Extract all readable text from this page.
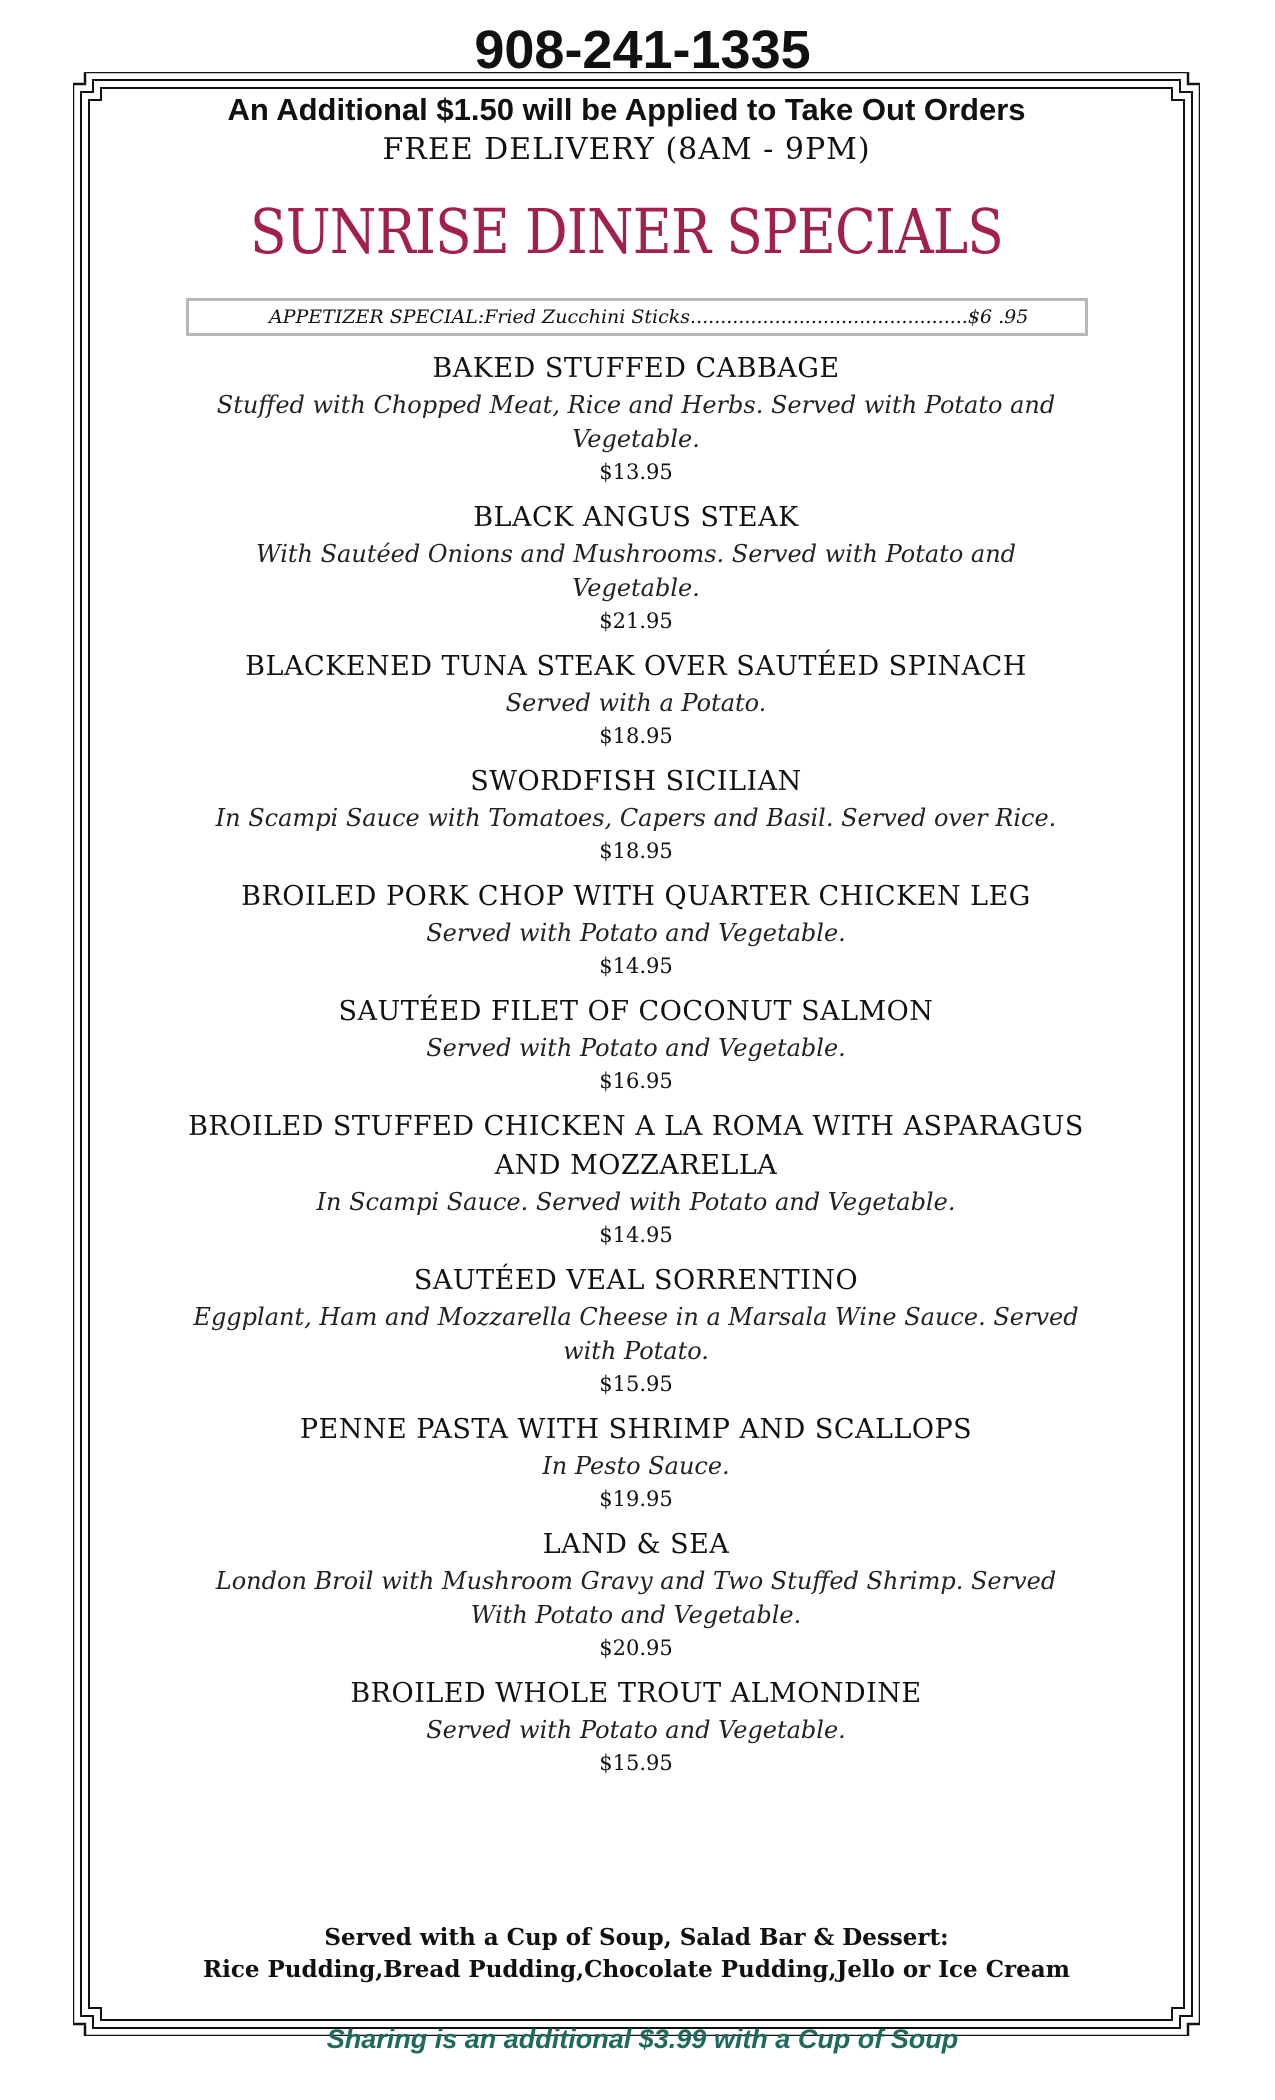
908-241-1335
An Additional $1.50 will be Applied to Take Out Orders
FREE DELIVERY (8AM - 9PM)
SUNRISE DINER SPECIALS
APPETIZER SPECIAL:Fried Zucchini Sticks..............................................$6 .95
BAKED STUFFED CABBAGE
Stuffed with Chopped Meat, Rice and Herbs. Served with Potato and
Vegetable.
$13.95
BLACK ANGUS STEAK
With Sautéed Onions and Mushrooms. Served with Potato and
Vegetable.
$21.95
BLACKENED TUNA STEAK OVER SAUTÉED SPINACH
Served with a Potato.
$18.95
SWORDFISH SICILIAN
In Scampi Sauce with Tomatoes, Capers and Basil. Served over Rice.
$18.95
BROILED PORK CHOP WITH QUARTER CHICKEN LEG
Served with Potato and Vegetable.
$14.95
SAUTÉED FILET OF COCONUT SALMON
Served with Potato and Vegetable.
$16.95
BROILED STUFFED CHICKEN A LA ROMA WITH ASPARAGUS
AND MOZZARELLA
In Scampi Sauce. Served with Potato and Vegetable.
$14.95
SAUTÉED VEAL SORRENTINO
Eggplant, Ham and Mozzarella Cheese in a Marsala Wine Sauce. Served
with Potato.
$15.95
PENNE PASTA WITH SHRIMP AND SCALLOPS
In Pesto Sauce.
$19.95
LAND & SEA
London Broil with Mushroom Gravy and Two Stuffed Shrimp. Served
With Potato and Vegetable.
$20.95
BROILED WHOLE TROUT ALMONDINE
Served with Potato and Vegetable.
$15.95
Served with a Cup of Soup, Salad Bar & Dessert:
Rice Pudding,Bread Pudding,Chocolate Pudding,Jello or Ice Cream
Sharing is an additional $3.99 with a Cup of Soup
